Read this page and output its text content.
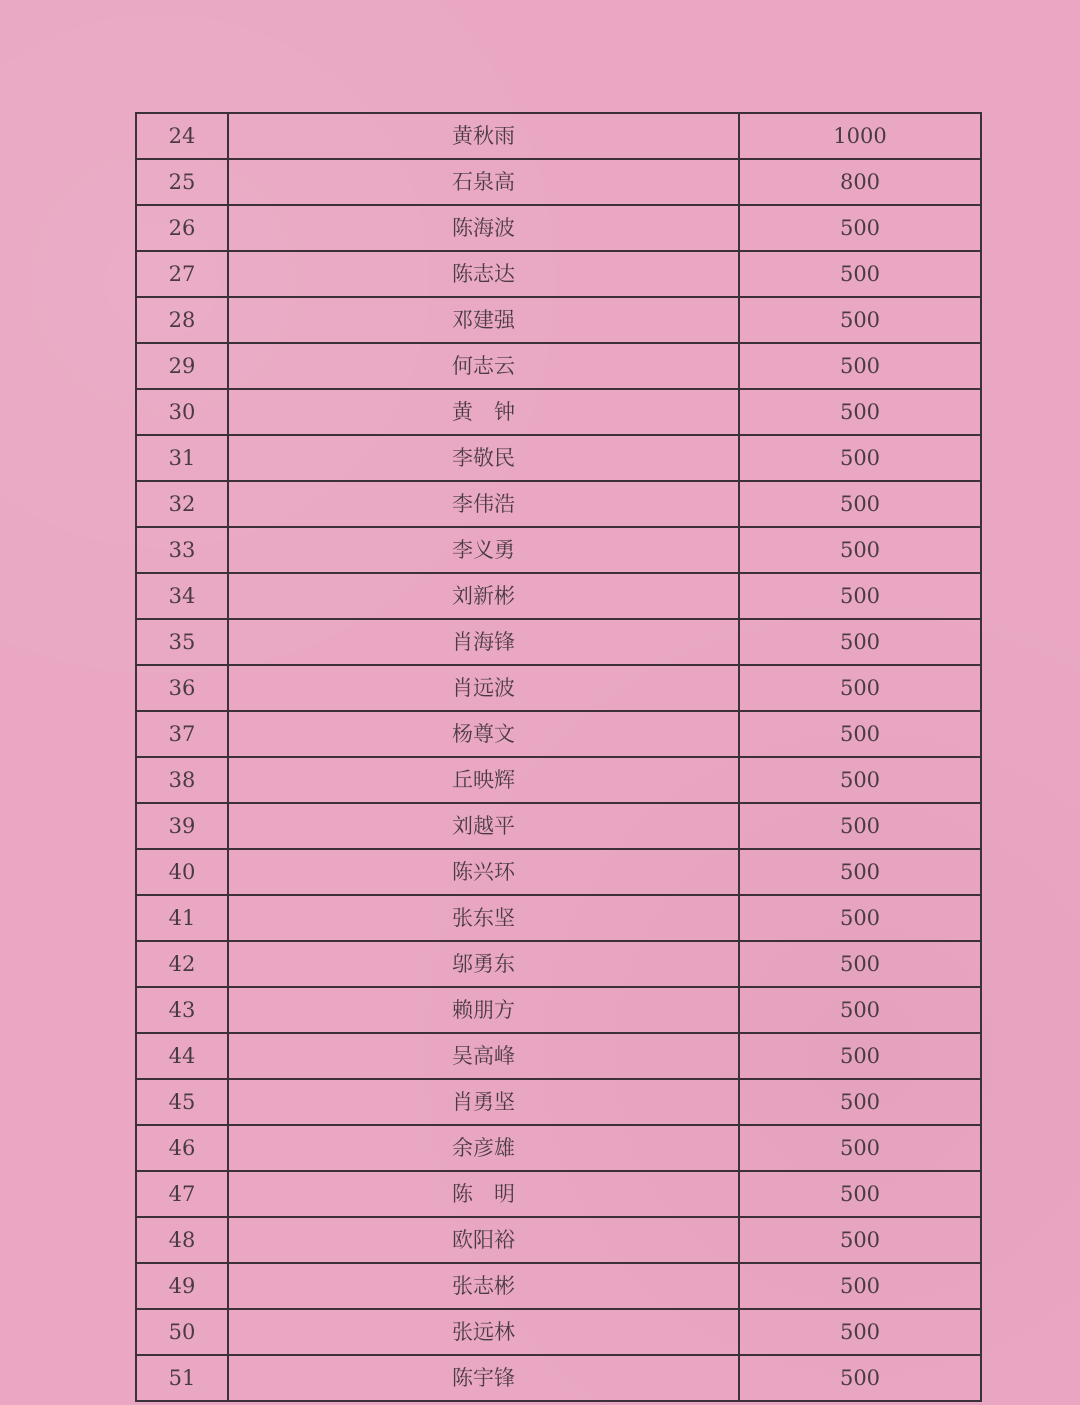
24	黄秋雨	1000
25	石泉高	800
26	陈海波	500
27	陈志达	500
28	邓建强	500
29	何志云	500
30	黄　钟	500
31	李敬民	500
32	李伟浩	500
33	李义勇	500
34	刘新彬	500
35	肖海锋	500
36	肖远波	500
37	杨尊文	500
38	丘映辉	500
39	刘越平	500
40	陈兴环	500
41	张东坚	500
42	邬勇东	500
43	赖朋方	500
44	吴高峰	500
45	肖勇坚	500
46	余彦雄	500
47	陈　明	500
48	欧阳裕	500
49	张志彬	500
50	张远林	500
51	陈宇锋	500
